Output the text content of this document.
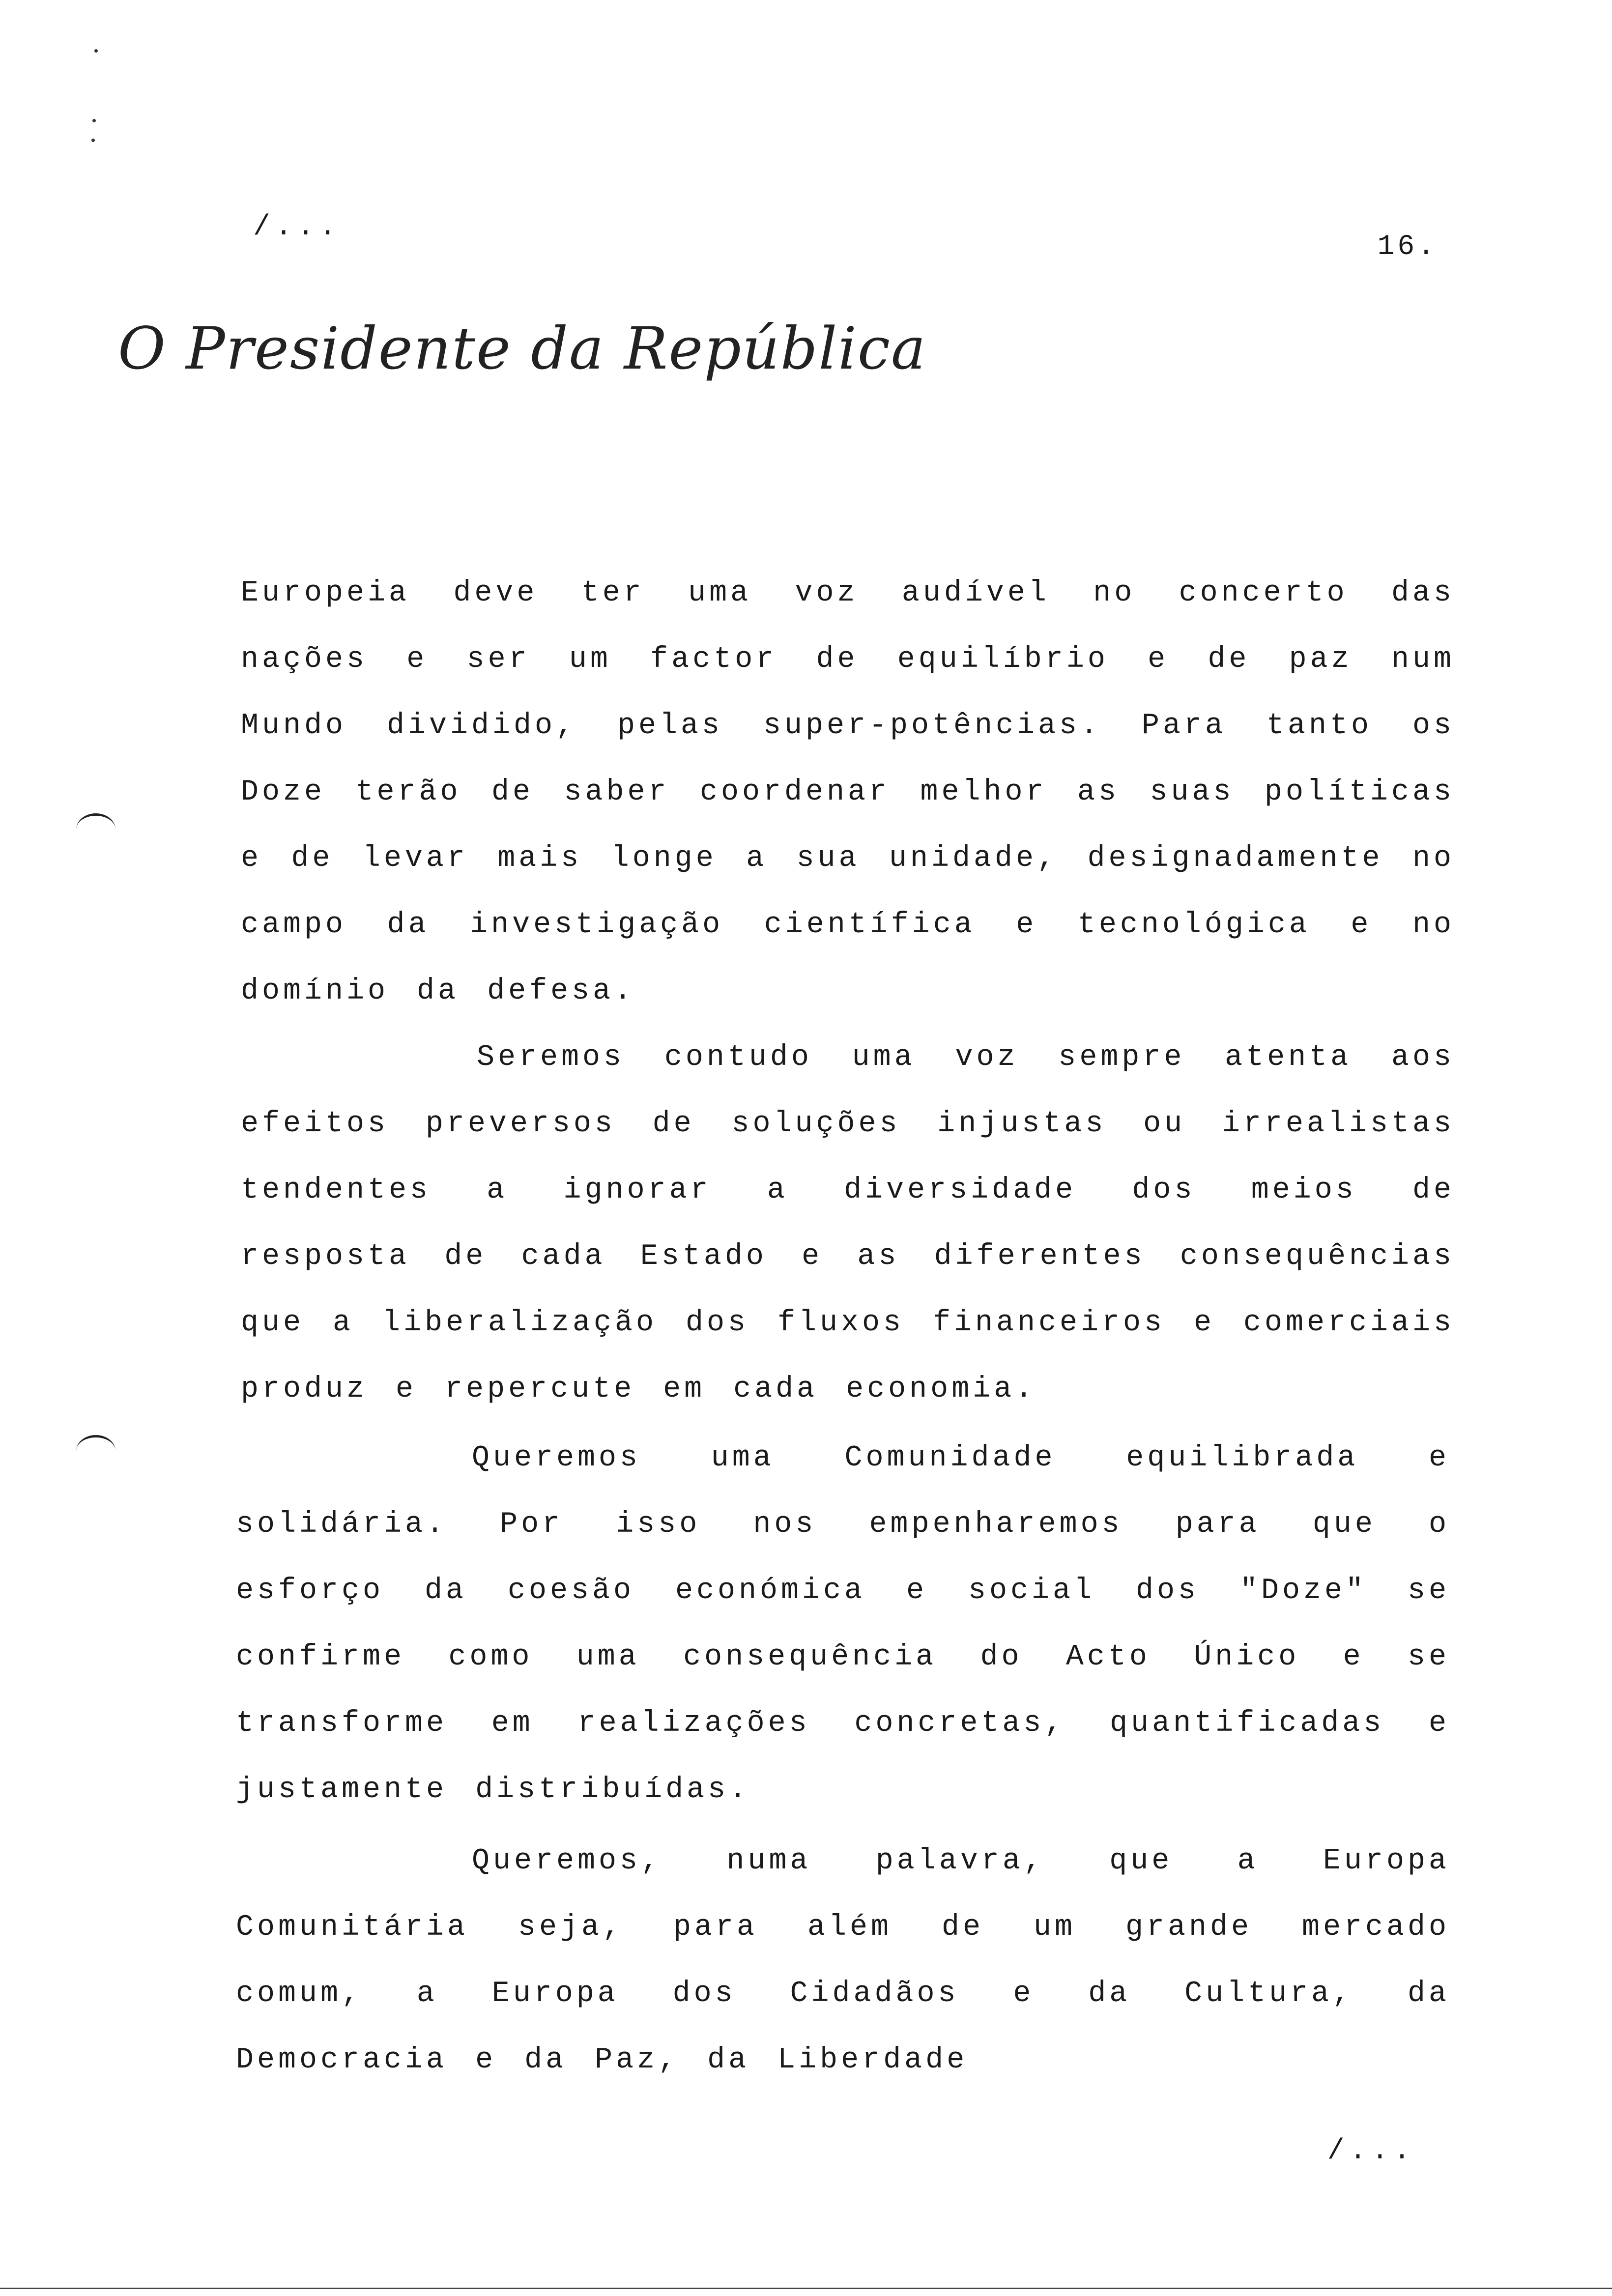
/...
16.
O Presidente da República
Europeia deve ter uma voz audível no concerto das nações e ser um factor de equilíbrio e de paz num Mundo dividido, pelas super-potências. Para tanto os Doze terão de saber coordenar melhor as suas políticas e de levar mais longe a sua unidade, designadamente no campo da investigação científica e tecnológica e no domínio da defesa.
Seremos contudo uma voz sempre atenta aos efeitos preversos de soluções injustas ou irrealistas tendentes a ignorar a diversidade dos meios de resposta de cada Estado e as diferentes consequências que a liberalização dos fluxos financeiros e comerciais produz e repercute em cada economia.
Queremos uma Comunidade equilibrada e solidária. Por isso nos empenharemos para que o esforço da coesão económica e social dos "Doze" se confirme como uma consequência do Acto Único e se transforme em realizações concretas, quantificadas e justamente distribuídas.
Queremos, numa palavra, que a Europa Comunitária seja, para além de um grande mercado comum, a Europa dos Cidadãos e da Cultura, da Democracia e da Paz, da Liberdade
/...
